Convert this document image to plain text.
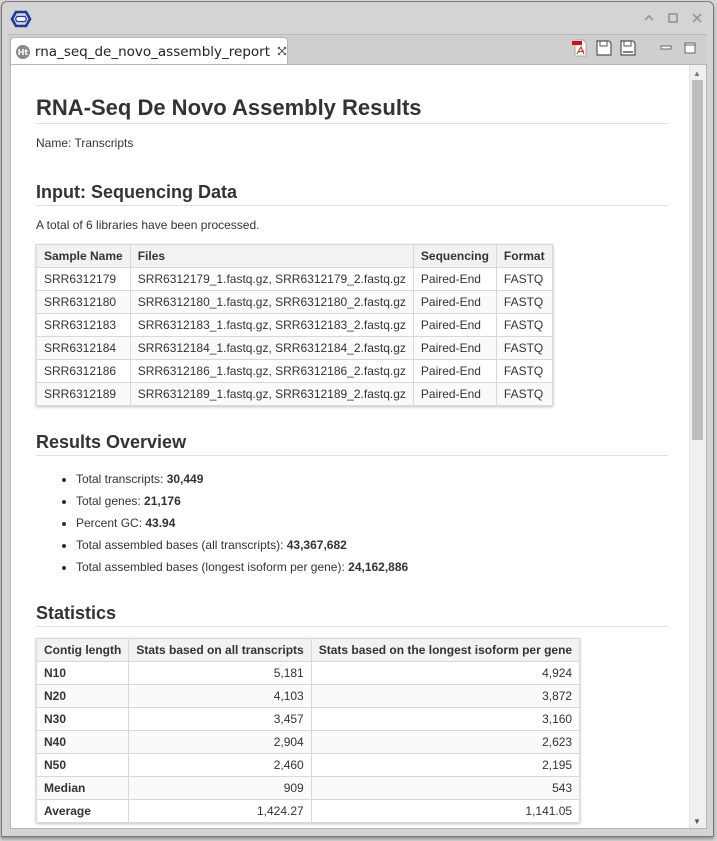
Ht rna_seq_de_novo_assembly_report
RNA-Seq De Novo Assembly Results

Name: Transcripts

Input: Sequencing Data

A total of 6 libraries have been processed.

Sample Name	Files	Sequencing	Format
SRR6312179	SRR6312179_1.fastq.gz, SRR6312179_2.fastq.gz	Paired-End	FASTQ
SRR6312180	SRR6312180_1.fastq.gz, SRR6312180_2.fastq.gz	Paired-End	FASTQ
SRR6312183	SRR6312183_1.fastq.gz, SRR6312183_2.fastq.gz	Paired-End	FASTQ
SRR6312184	SRR6312184_1.fastq.gz, SRR6312184_2.fastq.gz	Paired-End	FASTQ
SRR6312186	SRR6312186_1.fastq.gz, SRR6312186_2.fastq.gz	Paired-End	FASTQ
SRR6312189	SRR6312189_1.fastq.gz, SRR6312189_2.fastq.gz	Paired-End	FASTQ
Results Overview
• Total transcripts: 30,449
• Total genes: 21,176
• Percent GC: 43.94
• Total assembled bases (all transcripts): 43,367,682
• Total assembled bases (longest isoform per gene): 24,162,886
Statistics
Contig length	Stats based on all transcripts	Stats based on the longest isoform per gene
N10	5,181	4,924
N20	4,103	3,872
N30	3,457	3,160
N40	2,904	2,623
N50	2,460	2,195
Median	909	543
Average	1,424.27	1,141.05
▲
▼
